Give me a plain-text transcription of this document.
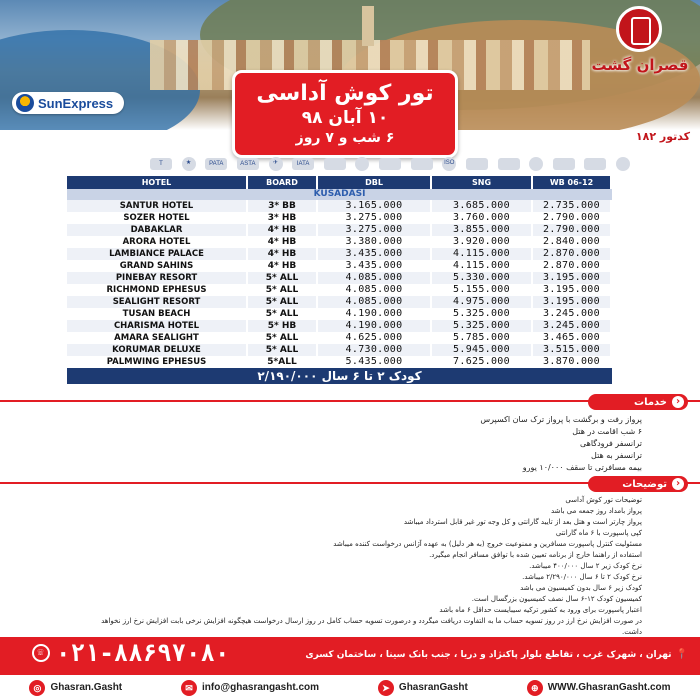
SunExpress
قصران گشت
تور کوش آداسی
۱۰ آبان ۹۸
۶ شب و ۷ روز	کدتور ۱۸۲
T	★	PATA	ASTA	✈	IATA	ISO
HOTEL	BOARD	DBL	SNG	WB 06-12
KUSADASI
SANTUR HOTEL	3* BB	3.165.000	3.685.000	2.735.000
SOZER HOTEL	3* HB	3.275.000	3.760.000	2.790.000
DABAKLAR	4* HB	3.275.000	3.855.000	2.790.000
ARORA HOTEL	4* HB	3.380.000	3.920.000	2.840.000
LAMBIANCE PALACE	4* HB	3.435.000	4.115.000	2.870.000
GRAND SAHINS	4* HB	3.435.000	4.115.000	2.870.000
PINEBAY RESORT	5* ALL	4.085.000	5.330.000	3.195.000
RICHMOND EPHESUS	5* ALL	4.085.000	5.155.000	3.195.000
SEALIGHT RESORT	5* ALL	4.085.000	4.975.000	3.195.000
TUSAN BEACH	5* ALL	4.190.000	5.325.000	3.245.000
CHARISMA HOTEL	5* HB	4.190.000	5.325.000	3.245.000
AMARA SEALIGHT	5* ALL	4.625.000	5.785.000	3.465.000
KORUMAR DELUXE	5* ALL	4.730.000	5.945.000	3.515.000
PALMWING EPHESUS	5*ALL	5.435.000	7.625.000	3.870.000
کودک ۲ تا ۶ سال ۲/۱۹۰/۰۰۰
‹
خدمات
پرواز رفت و برگشت با پرواز ترک سان اکسپرس
۶ شب اقامت در هتل
ترانسفر فرودگاهی
ترانسفر به هتل
بیمه مسافرتی تا سقف ۱۰/۰۰۰ یورو
‹
توضیحات
توضیحات تور کوش آداسی
پرواز بامداد روز جمعه می باشد
پرواز چارتر است و هتل بعد از تایید گارانتی و کل وجه تور غیر قابل استرداد میباشد
کپی پاسپورت با ۶ ماه گارانتی
مسئولیت کنترل پاسپورت مسافرین و ممنوعیت خروج (به هر دلیل) به عهده آژانس درخواست کننده میباشد
استفاده از راهنما خارج از برنامه تعیین شده با توافق مسافر انجام میگیرد.
نرخ کودک زیر ۲ سال ۴۰۰/۰۰۰ میباشد.
نرخ کودک ۲ تا ۶ سال ۲/۲۹۰/۰۰۰ میباشد.
کودک زیر ۶ سال بدون کمیسیون می باشد
کمیسیون کودک ۱۲-۶ سال نصف کمیسیون بزرگسال است.
اعتبار پاسپورت برای ورود به کشور ترکیه سیبایست حداقل ۶ ماه باشد
در صورت افزایش نرخ ارز در روز تسویه حساب ما به التفاوت دریافت میگردد و درصورت تسویه حساب کامل در روز ارسال درخواست هیچگونه افزایش نرخی بابت افزایش نرخ ارز نخواهد داشت.
☏ ۰۲۱-۸۸۶۹۷۰۸۰	📍
تهران ، شهرک غرب ، تقاطع بلوار پاکنژاد و دریا ، جنب بانک سینا ، ساختمان کسری
◎ Ghasran.Gasht	✉ info@ghasrangasht.com	➤ GhasranGasht	⊕ WWW.GhasranGasht.com
